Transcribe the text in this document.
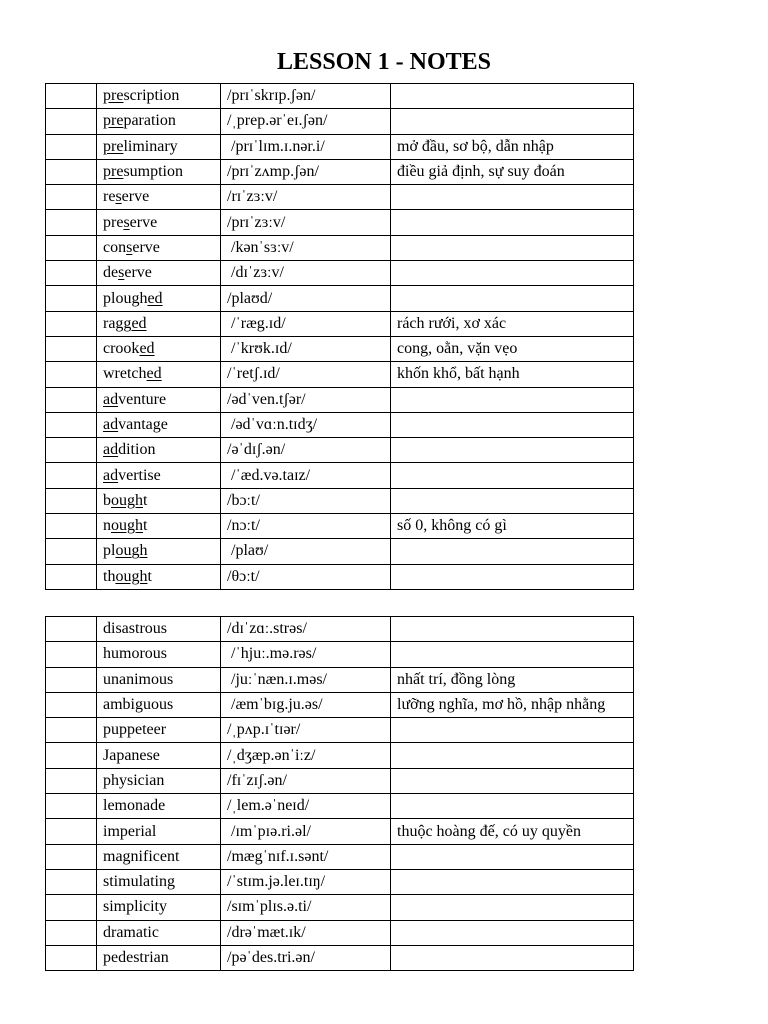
LESSON 1 - NOTES
	prescription	/prɪˈskrɪp.ʃən/	
	preparation	/ˌprep.ərˈeɪ.ʃən/	
	preliminary	/prɪˈlɪm.ɪ.nər.i/	mở đầu, sơ bộ, dẫn nhập
	presumption	/prɪˈzʌmp.ʃən/	điều giả định, sự suy đoán
	reserve	/rɪˈzɜːv/	
	preserve	/prɪˈzɜːv/	
	conserve	/kənˈsɜːv/	
	deserve	/dɪˈzɜːv/	
	ploughed	/plaʊd/	
	ragged	/ˈræg.ɪd/	rách rưới, xơ xác
	crooked	/ˈkrʊk.ɪd/	cong, oằn, vặn vẹo
	wretched	/ˈretʃ.ɪd/	khốn khổ, bất hạnh
	adventure	/ədˈven.tʃər/	
	advantage	/ədˈvɑːn.tɪdʒ/	
	addition	/əˈdɪʃ.ən/	
	advertise	/ˈæd.və.taɪz/	
	bought	/bɔːt/	
	nought	/nɔːt/	số 0, không có gì
	plough	/plaʊ/	
	thought	/θɔːt/	
	disastrous	/dɪˈzɑː.strəs/	
	humorous	/ˈhjuː.mə.rəs/	
	unanimous	/juːˈnæn.ɪ.məs/	nhất trí, đồng lòng
	ambiguous	/æmˈbɪg.ju.əs/	lưỡng nghĩa, mơ hồ, nhập nhằng
	puppeteer	/ˌpʌp.ɪˈtɪər/	
	Japanese	/ˌdʒæp.ənˈiːz/	
	physician	/fɪˈzɪʃ.ən/	
	lemonade	/ˌlem.əˈneɪd/	
	imperial	/ɪmˈpɪə.ri.əl/	thuộc hoàng đế, có uy quyền
	magnificent	/mægˈnɪf.ɪ.sənt/	
	stimulating	/ˈstɪm.jə.leɪ.tɪŋ/	
	simplicity	/sɪmˈplɪs.ə.ti/	
	dramatic	/drəˈmæt.ɪk/	
	pedestrian	/pəˈdes.tri.ən/	
